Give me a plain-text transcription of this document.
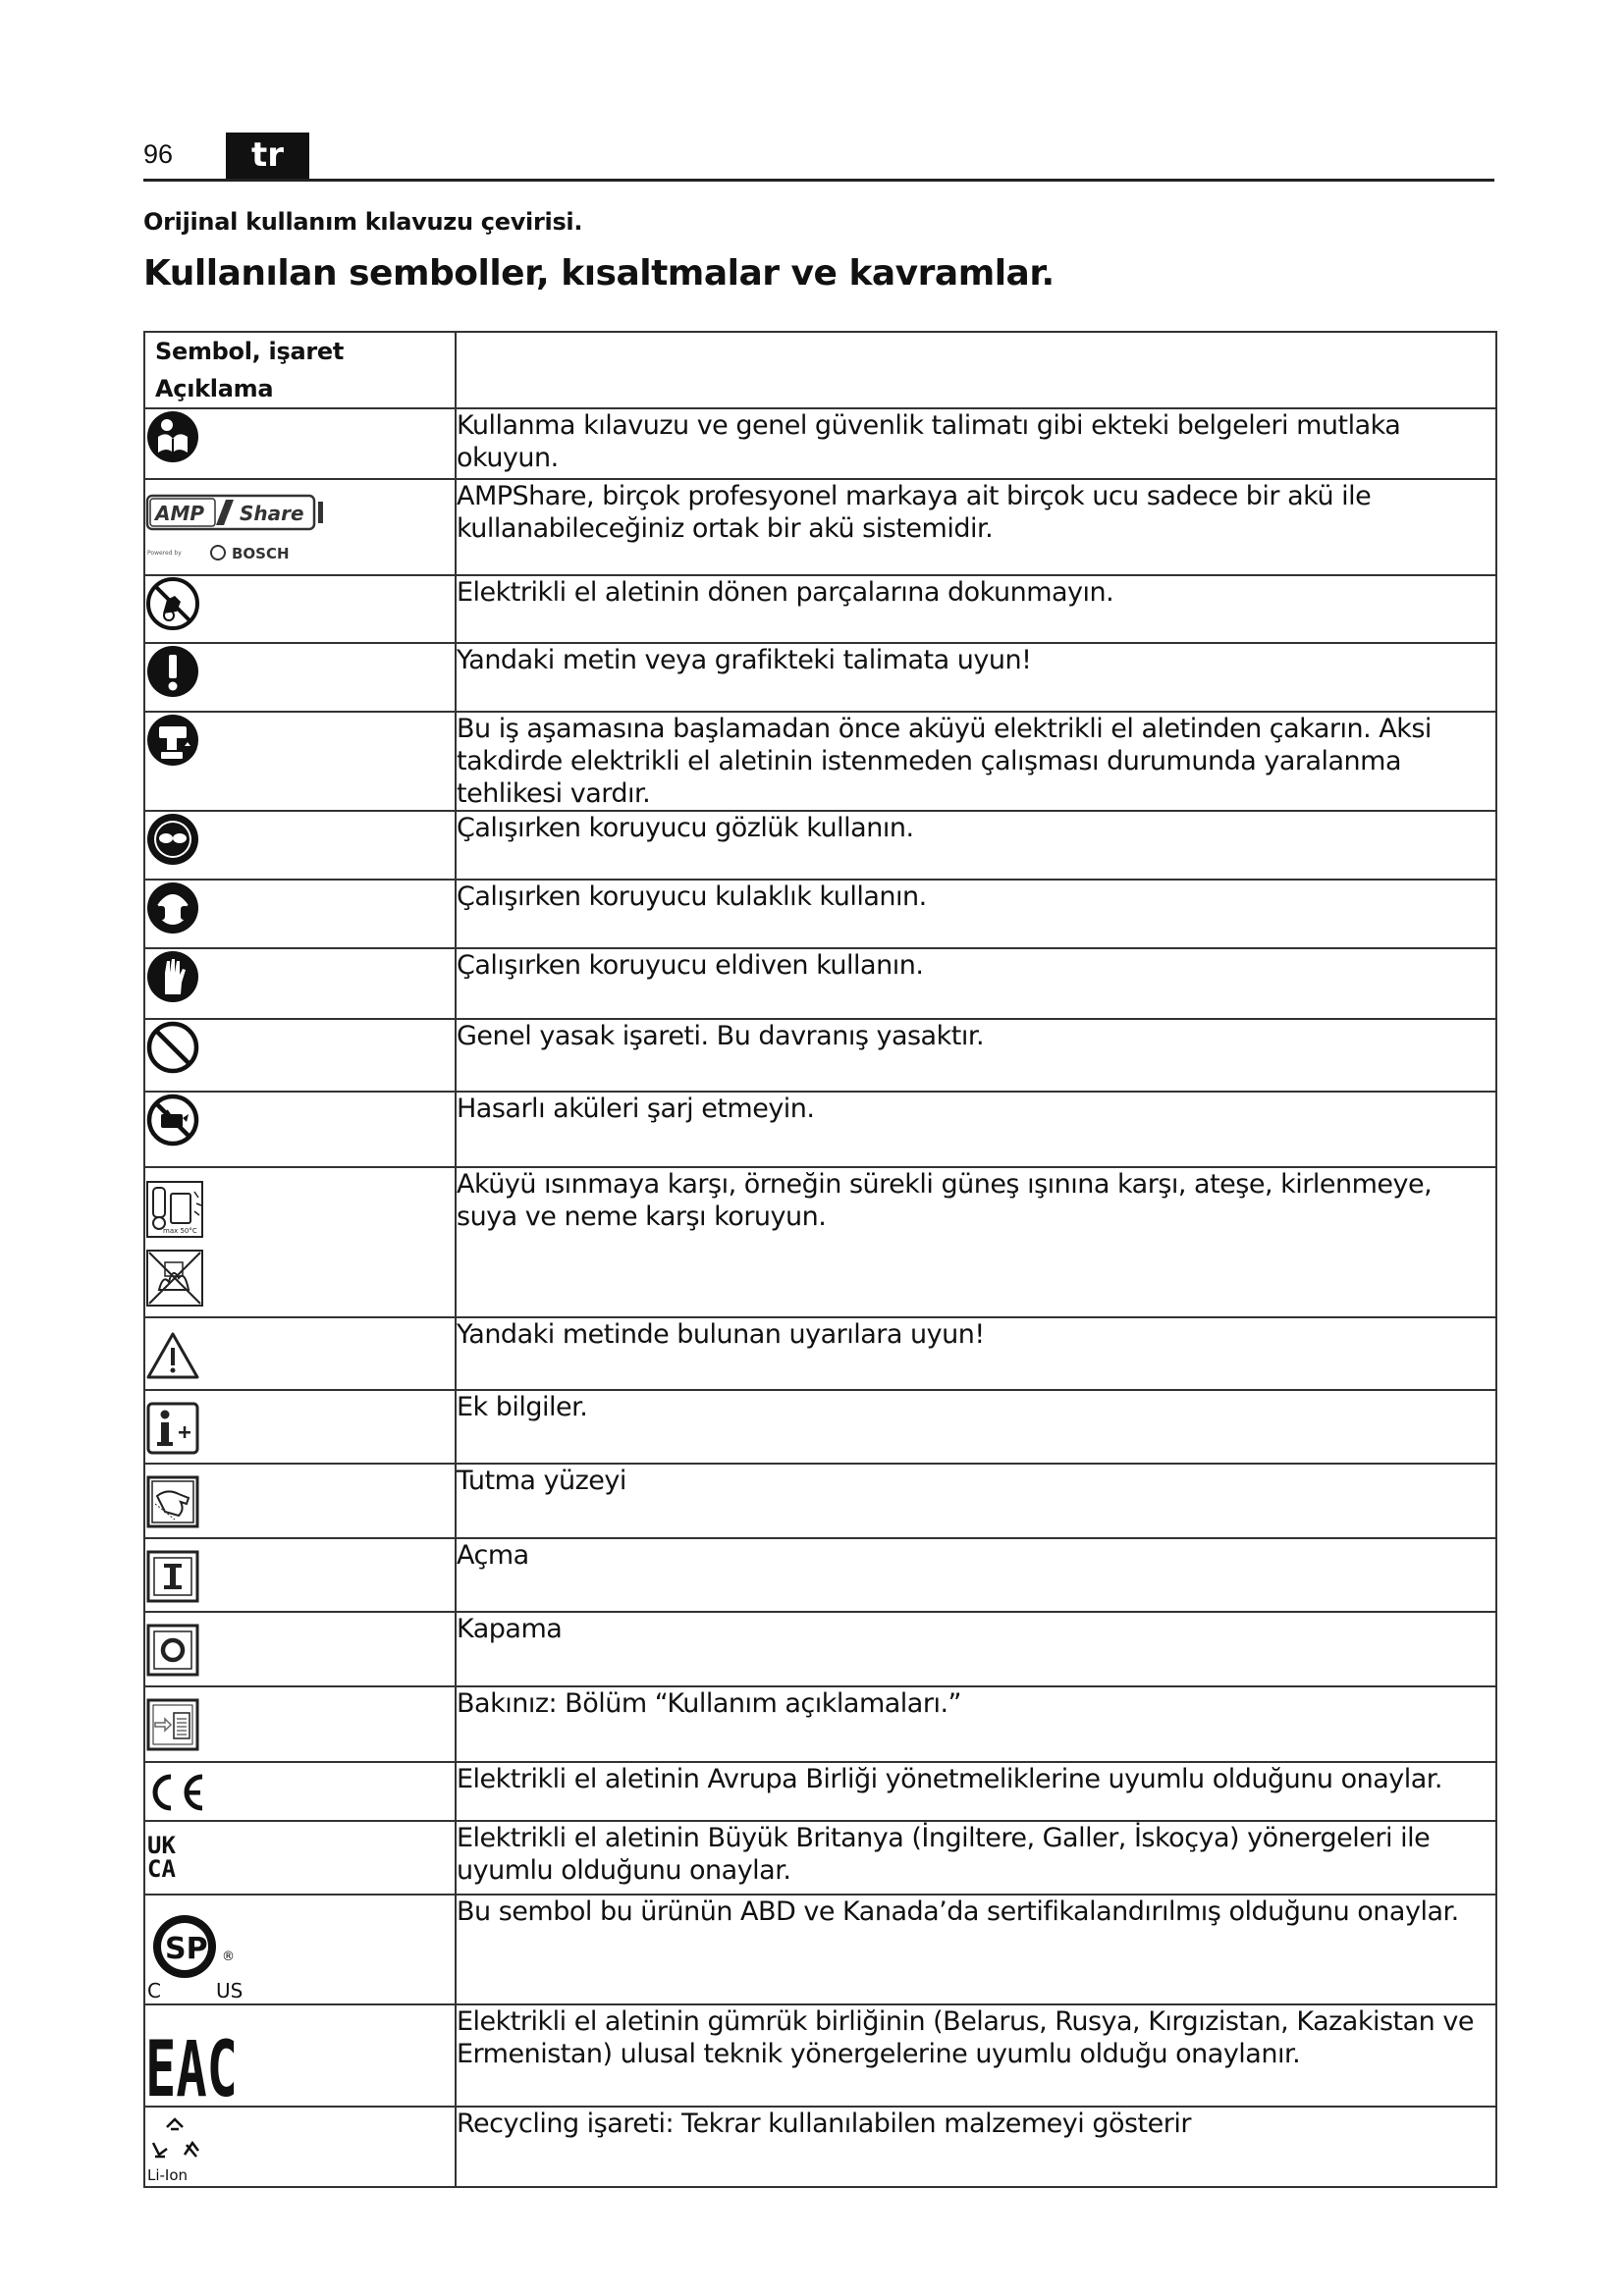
96	tr
Orijinal kullanım kılavuzu çevirisi.
Kullanılan semboller, kısaltmalar ve kavramlar.
Sembol, işaret Açıklama	

	Kullanma kılavuzu ve genel güvenlik talimatı gibi ekteki belgeleri mutlaka okuyun.

AMP Share
Powered by BOSCH	AMPShare, birçok profesyonel markaya ait birçok ucu sadece bir akü ile kullanabileceğiniz ortak bir akü sistemidir.

	Elektrikli el aletinin dönen parçalarına dokunmayın.

	Yandaki metin veya grafikteki talimata uyun!

	Bu iş aşamasına başlamadan önce aküyü elektrikli el aletinden çakarın. Aksi takdirde elektrikli el aletinin istenmeden çalışması durumunda yaralanma tehlikesi vardır.

	Çalışırken koruyucu gözlük kullanın.

	Çalışırken koruyucu kulaklık kullanın.

	Çalışırken koruyucu eldiven kullanın.

	Genel yasak işareti. Bu davranış yasaktır.

	Hasarlı aküleri şarj etmeyin.

max 50°C	Aküyü ısınmaya karşı, örneğin sürekli güneş ışınına karşı, ateşe, kirlenmeye, suya ve neme karşı koruyun.

	Yandaki metinde bulunan uyarılara uyun!

	Ek bilgiler.

	Tutma yüzeyi

	Açma

	Kapama

	Bakınız: Bölüm “Kullanım açıklamaları.”

	Elektrikli el aletinin Avrupa Birliği yönetmeliklerine uyumlu olduğunu onaylar.

UK
CA	Elektrikli el aletinin Büyük Britanya (İngiltere, Galler, İskoçya) yönergeleri ile uyumlu olduğunu onaylar.

SP ®
C US	Bu sembol bu ürünün ABD ve Kanada’da sertifikalandırılmış olduğunu onaylar.

EAC	Elektrikli el aletinin gümrük birliğinin (Belarus, Rusya, Kırgızistan, Kazakistan ve Ermenistan) ulusal teknik yönergelerine uyumlu olduğu onaylanır.

Li-Ion	Recycling işareti: Tekrar kullanılabilen malzemeyi gösterir
